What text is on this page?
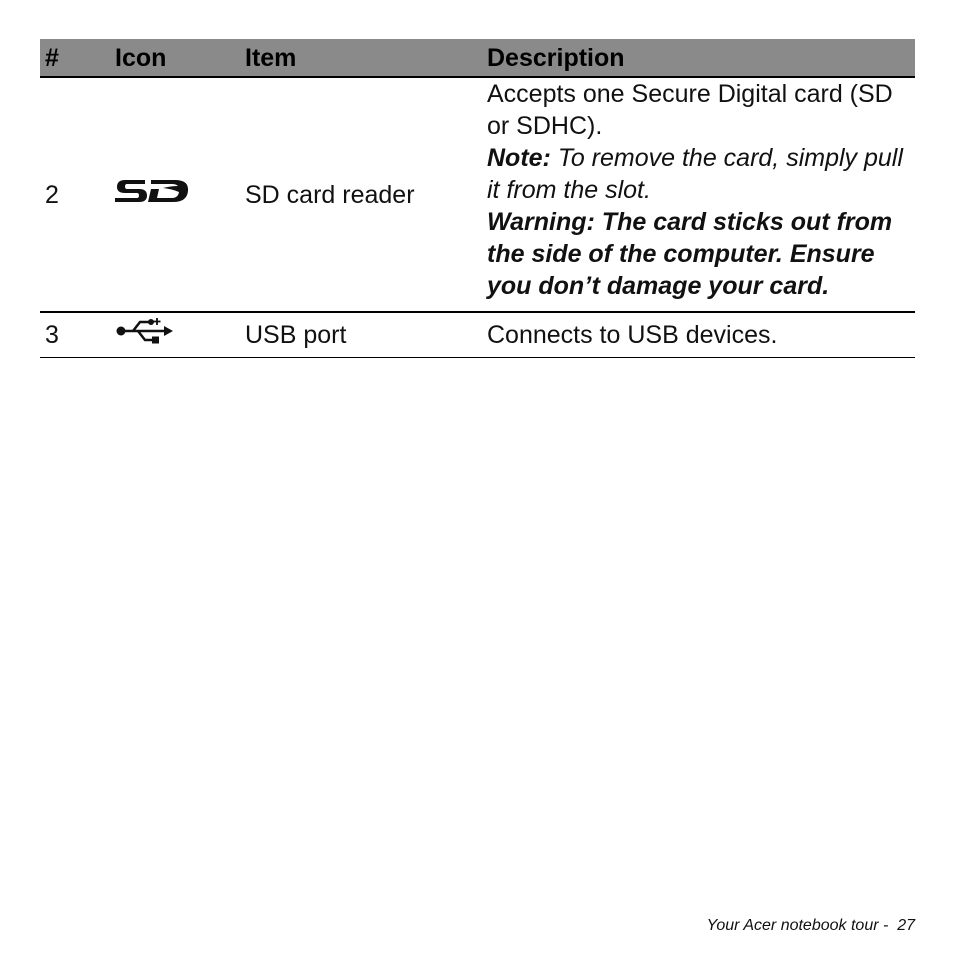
#	Icon	Item	Description
2		SD card reader	Accepts one Secure Digital card (SD or SDHC).

Note: To remove the card, simply pull it from the slot.

Warning: The card sticks out from the side of the computer. Ensure you don’t damage your card.

3		USB port	Connects to USB devices.
Your Acer notebook tour - 27
